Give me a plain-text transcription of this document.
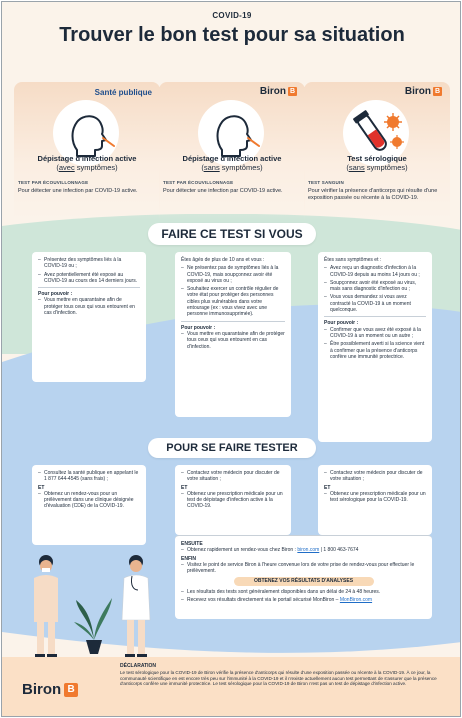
COVID-19
Trouver le bon test pour sa situation
Santé publique
Dépistage d'infection active
(avec symptômes)
TEST PAR ÉCOUVILLONNAGE
Pour détecter une infection par COVID-19 active.
Biron B
Dépistage d'infection active
(sans symptômes)
TEST PAR ÉCOUVILLONNAGE
Pour détecter une infection par COVID-19 active.
Biron B
Test sérologique
(sans symptômes)
TEST SANGUIN
Pour vérifier la présence d'anticorps qui résulte d'une exposition passée ou récente à la COVID-19.
FAIRE CE TEST SI VOUS
– Présentez des symptômes liés à la COVID-19 ou ;
– Avez potentiellement été exposé au COVID-19 au cours des 14 derniers jours.
Pour pouvoir :
– Vous mettre en quarantaine afin de protéger tous ceux qui vous entourent en cas d'infection.
Êtes âgés de plus de 10 ans et vous :
– Ne présentez pas de symptômes liés à la COVID-19, mais soupçonnez avoir été exposé au virus ou ;
– Souhaitez exercer un contrôle régulier de votre état pour protéger des personnes cibles plus vulnérables dans votre entourage (ex : vous vivez avec une personne immunosupprimée).
Pour pouvoir :
– Vous mettre en quarantaine afin de protéger tous ceux qui vous entourent en cas d'infection.
Êtes sans symptômes et :
– Avez reçu un diagnostic d'infection à la COVID-19 depuis au moins 14 jours ou ;
– Soupçonnez avoir été exposé au virus, mais sans diagnostic d'infection ou ;
– Vous vous demandez si vous avez contracté la COVID-19 à un moment quelconque.
Pour pouvoir :
– Confirmer que vous avez été exposé à la COVID-19 à un moment ou un autre ;
– Être possiblement averti si la science vient à confirmer que la présence d'anticorps confère une immunité protectrice.
POUR SE FAIRE TESTER
– Consultez la santé publique en appelant le 1 877 644-4545 (sans frais) ;
ET
– Obtenez un rendez-vous pour un prélèvement dans une clinique désignée d'évaluation (CDE) de la COVID-19.
– Contactez votre médecin pour discuter de votre situation ;
ET
– Obtenez une prescription médicale pour un test de dépistage d'infection active à la COVID-19.
– Contactez votre médecin pour discuter de votre situation ;
ET
– Obtenez une prescription médicale pour un test sérologique pour la COVID-19.
ENSUITE
– Obtenez rapidement un rendez-vous chez Biron : biron.com | 1 800 463-7674
ENFIN
– Visitez le point de service Biron à l'heure convenue lors de votre prise de rendez-vous pour effectuer le prélèvement.
OBTENEZ VOS RÉSULTATS D'ANALYSES
– Les résultats des tests sont généralement disponibles dans un délai de 24 à 48 heures.
– Recevez vos résultats directement via le portail sécurisé MonBiron – MonBiron.com
Biron B
DÉCLARATION
Le test sérologique pour la COVID-19 de Biron vérifie la présence d'anticorps qui résulte d'une exposition passée ou récente à la COVID-19. À ce jour, la communauté scientifique en est encore très peu sur l'immunité à la COVID-19 et il n'existe actuellement aucun test permettant de s'assurer que la présence d'anticorps confère une immunité protectrice. Le test sérologique pour la COVID-19 de Biron n'est pas un test de dépistage d'infection active.
